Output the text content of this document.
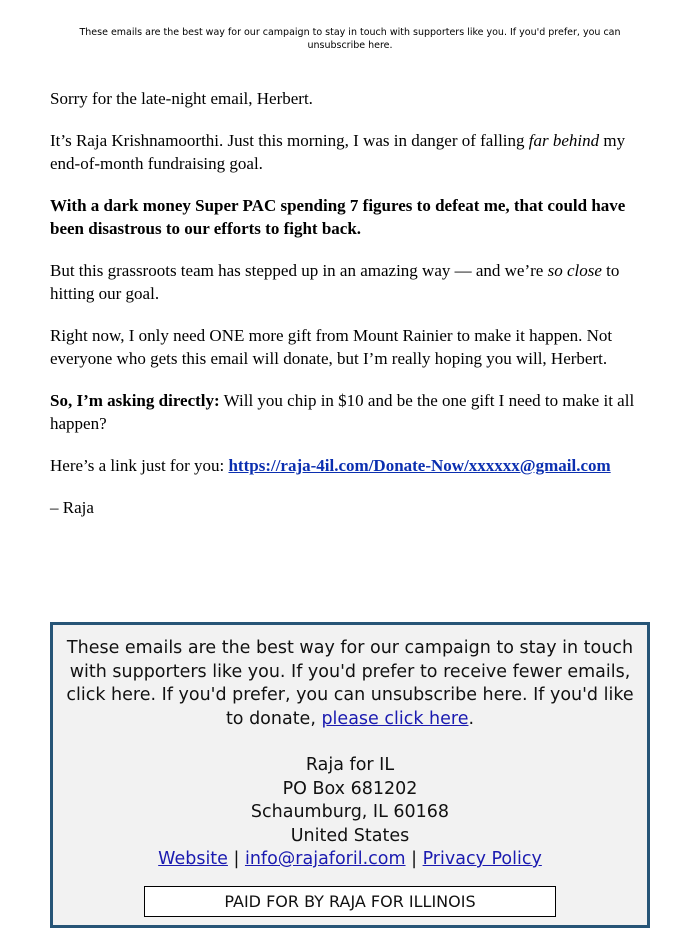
These emails are the best way for our campaign to stay in touch with supporters like you. If you'd prefer, you can unsubscribe here.

Sorry for the late-night email, Herbert.

It’s Raja Krishnamoorthi. Just this morning, I was in danger of falling far behind my end-of-month fundraising goal.

With a dark money Super PAC spending 7 figures to defeat me, that could have been disastrous to our efforts to fight back.

But this grassroots team has stepped up in an amazing way — and we’re so close to hitting our goal.

Right now, I only need ONE more gift from Mount Rainier to make it happen. Not everyone who gets this email will donate, but I’m really hoping you will, Herbert.

So, I’m asking directly: Will you chip in $10 and be the one gift I need to make it all happen?

Here’s a link just for you: https://raja-4il.com/Donate-Now/xxxxxx@gmail.com

– Raja

These emails are the best way for our campaign to stay in touch with supporters like you. If you'd prefer to receive fewer emails, click here. If you'd prefer, you can unsubscribe here. If you'd like to donate, please click here.
Raja for IL
PO Box 681202
Schaumburg, IL 60168
United States
Website | info@rajaforil.com | Privacy Policy
PAID FOR BY RAJA FOR ILLINOIS
